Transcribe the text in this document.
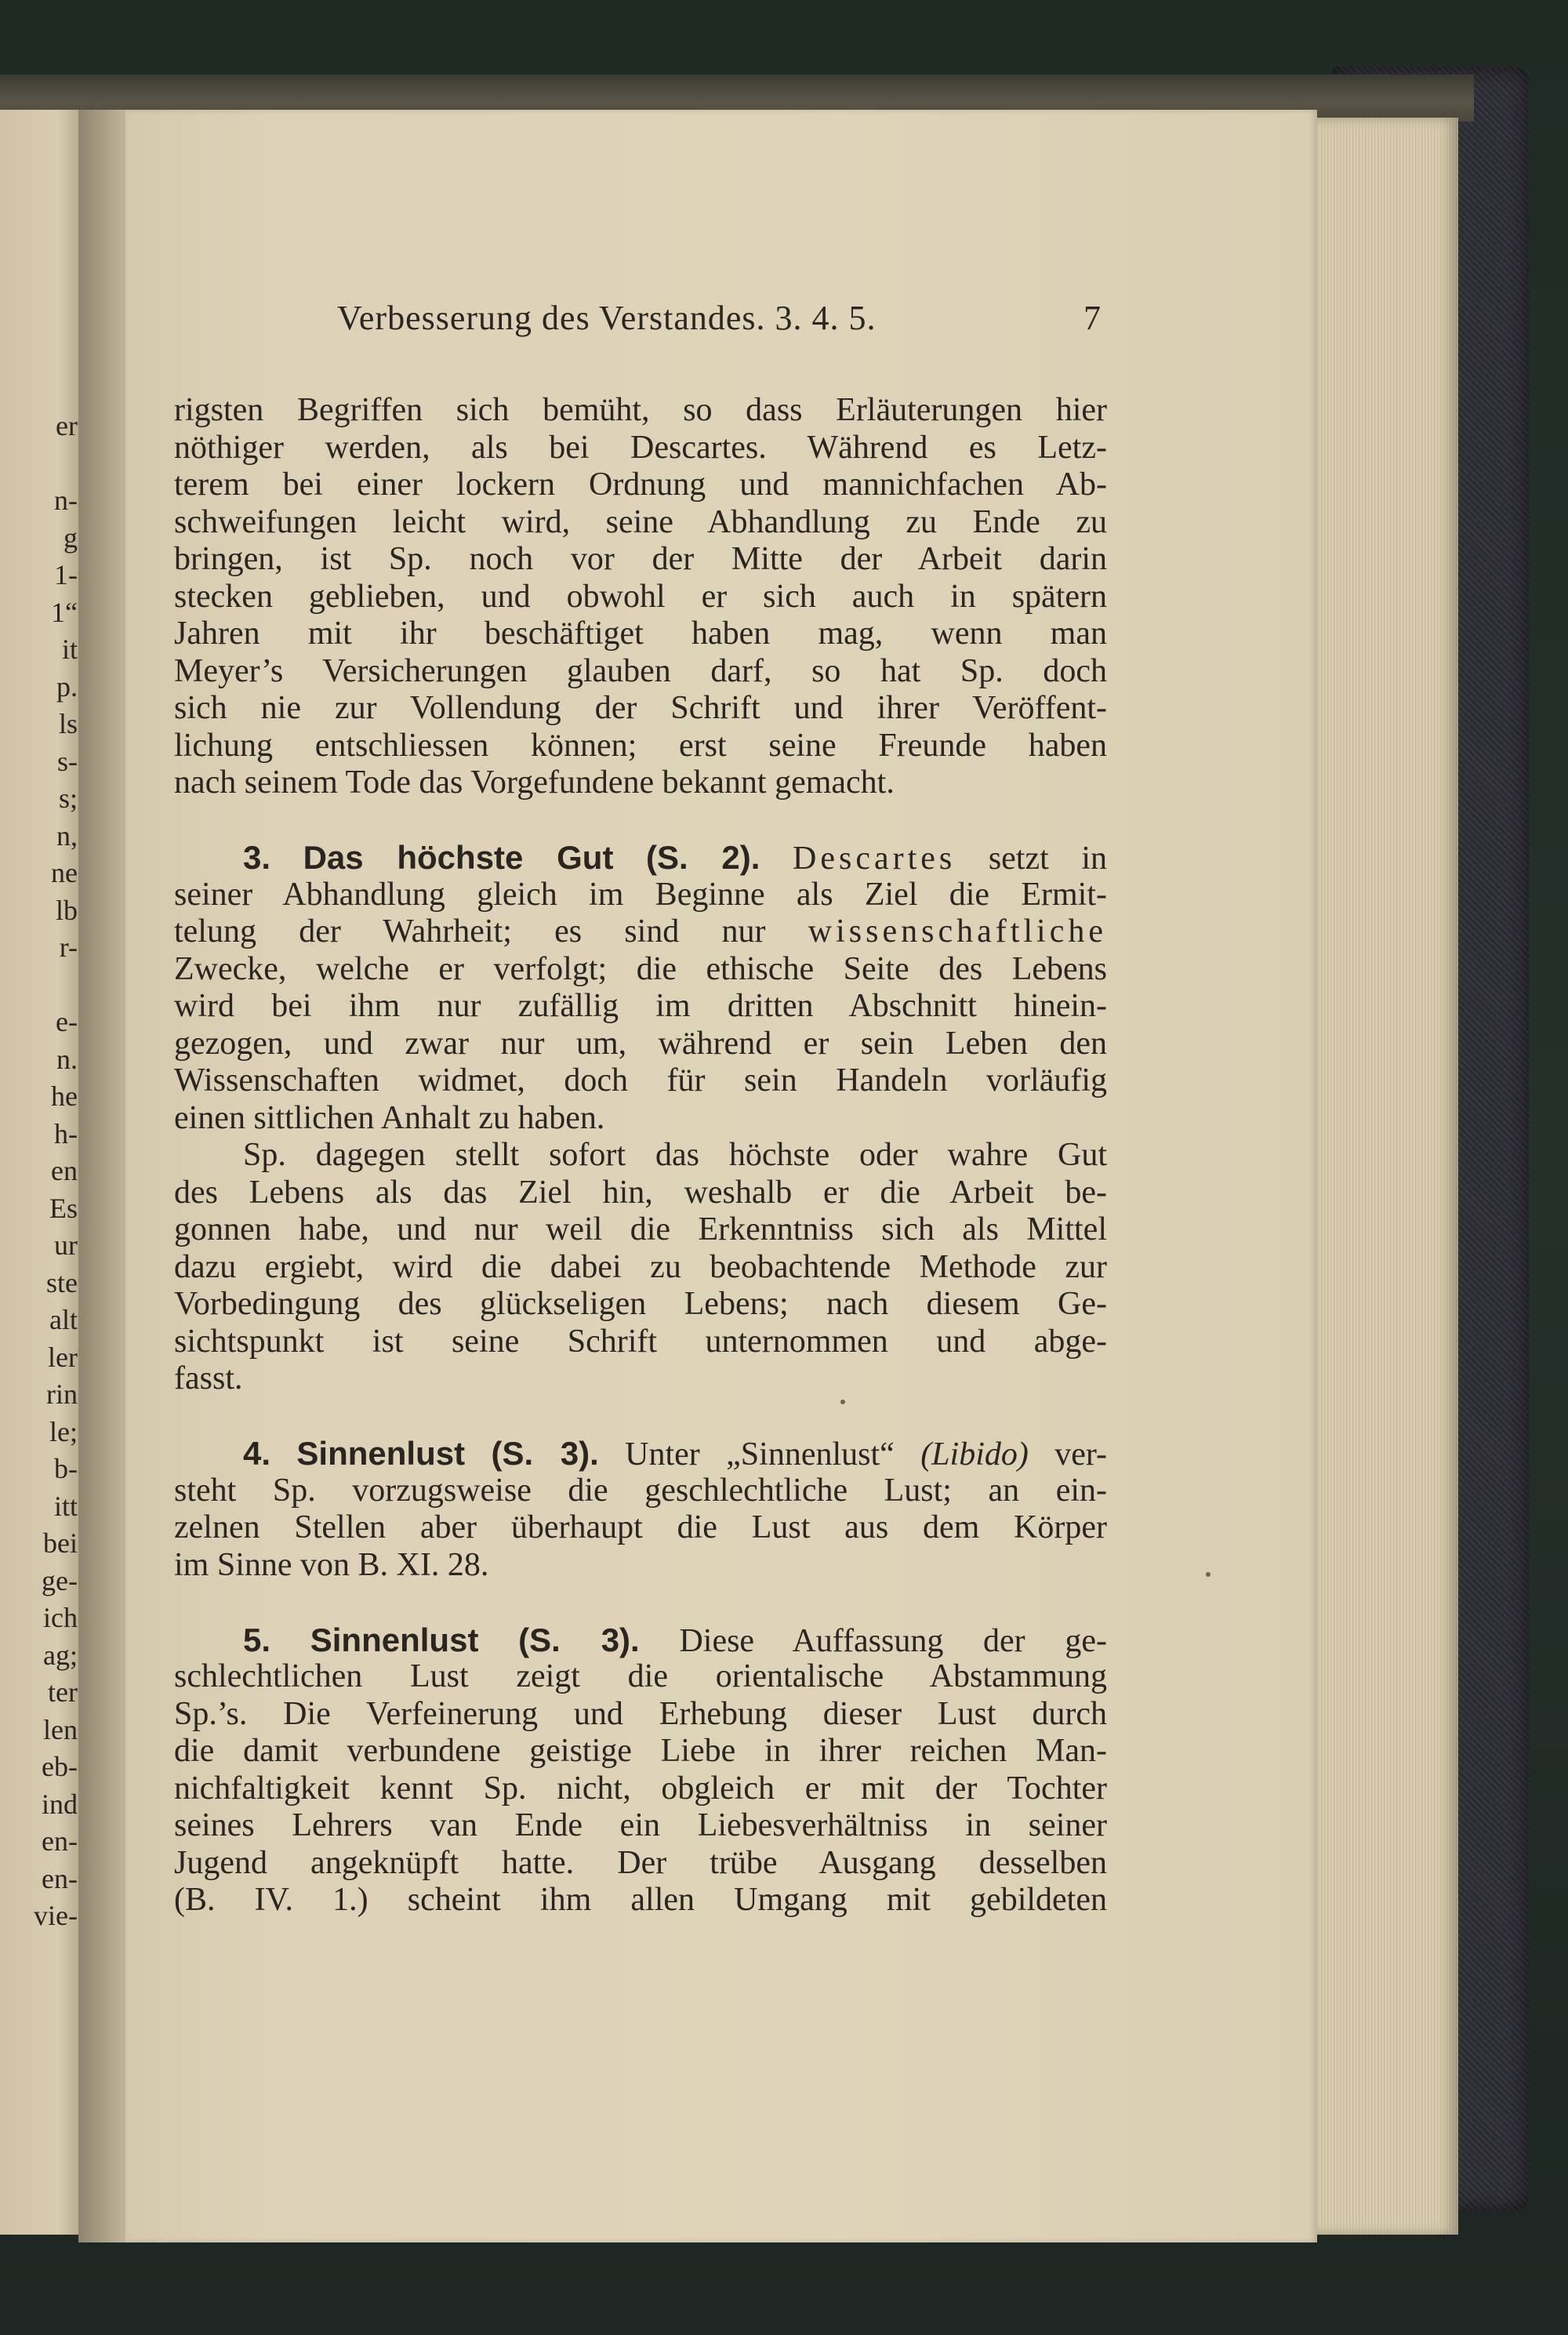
er
n-
g
1-
1“
it
p.
ls
s-
s;
n,
ne
lb
r-
e-
n.
he
h-
en
Es
ur
ste
alt
ler
rin
le;
b-
itt
bei
ge-
ich
ag;
ter
len
eb-
ind
en-
en-
vie-
Verbesserung des Verstandes. 3. 4. 5.	7
rigsten Begriffen sich bemüht, so dass Erläuterungen hier
nöthiger werden, als bei Descartes. Während es Letz-
terem bei einer lockern Ordnung und mannichfachen Ab-
schweifungen leicht wird, seine Abhandlung zu Ende zu
bringen, ist Sp. noch vor der Mitte der Arbeit darin
stecken geblieben, und obwohl er sich auch in spätern
Jahren mit ihr beschäftiget haben mag, wenn man
Meyer’s Versicherungen glauben darf, so hat Sp. doch
sich nie zur Vollendung der Schrift und ihrer Veröffent-
lichung entschliessen können; erst seine Freunde haben
nach seinem Tode das Vorgefundene bekannt gemacht.
3. Das höchste Gut (S. 2). Descartes setzt in
seiner Abhandlung gleich im Beginne als Ziel die Ermit-
telung der Wahrheit; es sind nur wissenschaftliche
Zwecke, welche er verfolgt; die ethische Seite des Lebens
wird bei ihm nur zufällig im dritten Abschnitt hinein-
gezogen, und zwar nur um, während er sein Leben den
Wissenschaften widmet, doch für sein Handeln vorläufig
einen sittlichen Anhalt zu haben.
Sp. dagegen stellt sofort das höchste oder wahre Gut
des Lebens als das Ziel hin, weshalb er die Arbeit be-
gonnen habe, und nur weil die Erkenntniss sich als Mittel
dazu ergiebt, wird die dabei zu beobachtende Methode zur
Vorbedingung des glückseligen Lebens; nach diesem Ge-
sichtspunkt ist seine Schrift unternommen und abge-
fasst.
4. Sinnenlust (S. 3). Unter „Sinnenlust“ (Libido) ver-
steht Sp. vorzugsweise die geschlechtliche Lust; an ein-
zelnen Stellen aber überhaupt die Lust aus dem Körper
im Sinne von B. XI. 28.
5. Sinnenlust (S. 3). Diese Auffassung der ge-
schlechtlichen Lust zeigt die orientalische Abstammung
Sp.’s. Die Verfeinerung und Erhebung dieser Lust durch
die damit verbundene geistige Liebe in ihrer reichen Man-
nichfaltigkeit kennt Sp. nicht, obgleich er mit der Tochter
seines Lehrers van Ende ein Liebesverhältniss in seiner
Jugend angeknüpft hatte. Der trübe Ausgang desselben
(B. IV. 1.) scheint ihm allen Umgang mit gebildeten
